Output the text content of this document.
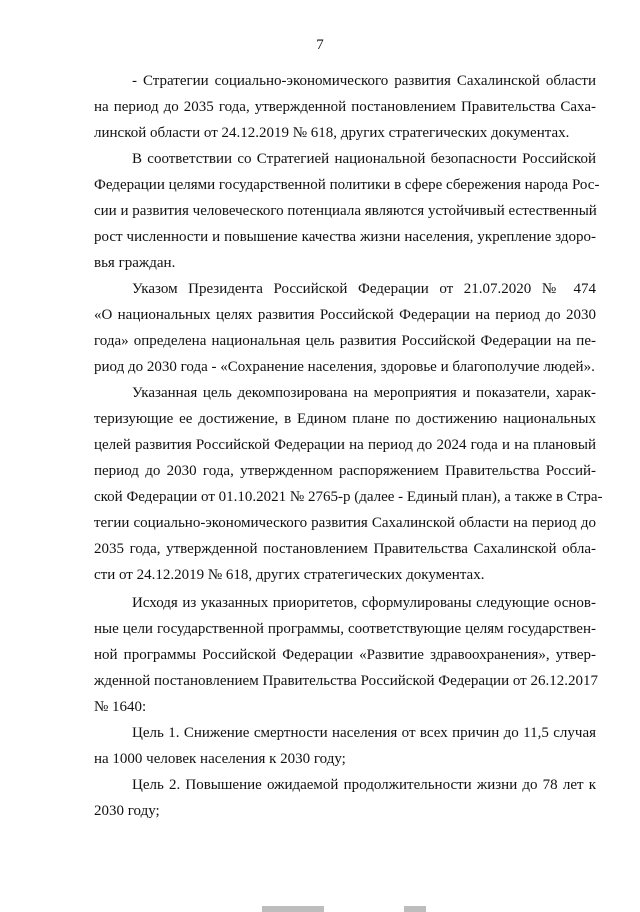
7
- Стратегии социально-экономического развития Сахалинской области
на период до 2035 года, утвержденной постановлением Правительства Саха-
линской области от 24.12.2019 № 618, других стратегических документах.
В соответствии со Стратегией национальной безопасности Российской
Федерации целями государственной политики в сфере сбережения народа Рос-
сии и развития человеческого потенциала являются устойчивый естественный
рост численности и повышение качества жизни населения, укрепление здоро-
вья граждан.
Указом Президента Российской Федерации от 21.07.2020 № 474
«О национальных целях развития Российской Федерации на период до 2030
года» определена национальная цель развития Российской Федерации на пе-
риод до 2030 года - «Сохранение населения, здоровье и благополучие людей».
Указанная цель декомпозирована на мероприятия и показатели, харак-
теризующие ее достижение, в Едином плане по достижению национальных
целей развития Российской Федерации на период до 2024 года и на плановый
период до 2030 года, утвержденном распоряжением Правительства Россий-
ской Федерации от 01.10.2021 № 2765-р (далее - Единый план), а также в Стра-
тегии социально-экономического развития Сахалинской области на период до
2035 года, утвержденной постановлением Правительства Сахалинской обла-
сти от 24.12.2019 № 618, других стратегических документах.
Исходя из указанных приоритетов, сформулированы следующие основ-
ные цели государственной программы, соответствующие целям государствен-
ной программы Российской Федерации «Развитие здравоохранения», утвер-
жденной постановлением Правительства Российской Федерации от 26.12.2017
№ 1640:
Цель 1. Снижение смертности населения от всех причин до 11,5 случая
на 1000 человек населения к 2030 году;
Цель 2. Повышение ожидаемой продолжительности жизни до 78 лет к
2030 году;
